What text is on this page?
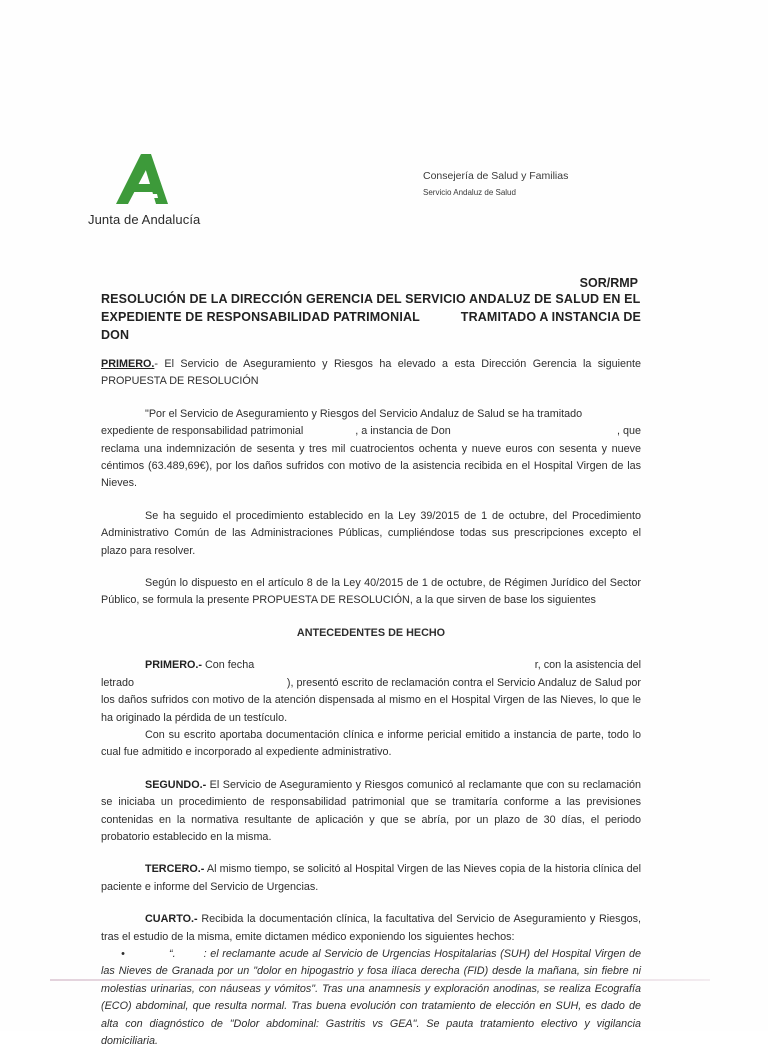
Junta de Andalucía
Consejería de Salud y Familias
Servicio Andaluz de Salud
SOR/RMP
RESOLUCIÓN DE LA DIRECCIÓN GERENCIA DEL SERVICIO ANDALUZ DE SALUD EN EL
EXPEDIENTE DE RESPONSABILIDAD PATRIMONIAL	TRAMITADO A INSTANCIA DE
DON

PRIMERO.- El Servicio de Aseguramiento y Riesgos ha elevado a esta Dirección Gerencia la siguiente PROPUESTA DE RESOLUCIÓN

"Por el Servicio de Aseguramiento y Riesgos del Servicio Andaluz de Salud se ha tramitado

expediente de responsabilidad patrimonial	, a instancia de Don	, que

reclama una indemnización de sesenta y tres mil cuatrocientos ochenta y nueve euros con sesenta y nueve céntimos (63.489,69€), por los daños sufridos con motivo de la asistencia recibida en el Hospital Virgen de las Nieves.

Se ha seguido el procedimiento establecido en la Ley 39/2015 de 1 de octubre, del Procedimiento Administrativo Común de las Administraciones Públicas, cumpliéndose todas sus prescripciones excepto el plazo para resolver.

Según lo dispuesto en el artículo 8 de la Ley 40/2015 de 1 de octubre, de Régimen Jurídico del Sector Público, se formula la presente PROPUESTA DE RESOLUCIÓN, a la que sirven de base los siguientes

ANTECEDENTES DE HECHO

PRIMERO.- Con fecha	r, con la asistencia del

letrado	), presentó escrito de reclamación contra el Servicio Andaluz de Salud por

los daños sufridos con motivo de la atención dispensada al mismo en el Hospital Virgen de las Nieves, lo que le ha originado la pérdida de un testículo.

Con su escrito aportaba documentación clínica e informe pericial emitido a instancia de parte, todo lo cual fue admitido e incorporado al expediente administrativo.

SEGUNDO.- El Servicio de Aseguramiento y Riesgos comunicó al reclamante que con su reclamación se iniciaba un procedimiento de responsabilidad patrimonial que se tramitaría conforme a las previsiones contenidas en la normativa resultante de aplicación y que se abría, por un plazo de 30 días, el periodo probatorio establecido en la misma.

TERCERO.- Al mismo tiempo, se solicitó al Hospital Virgen de las Nieves copia de la historia clínica del paciente e informe del Servicio de Urgencias.

CUARTO.- Recibida la documentación clínica, la facultativa del Servicio de Aseguramiento y Riesgos, tras el estudio de la misma, emite dictamen médico exponiendo los siguientes hechos:

•	“.	: el reclamante acude al Servicio de Urgencias Hospitalarias (SUH) del Hospital Virgen de las Nieves de Granada por un "dolor en hipogastrio y fosa ilíaca derecha (FID) desde la mañana, sin fiebre ni molestias urinarias, con náuseas y vómitos". Tras una anamnesis y exploración anodinas, se realiza Ecografía (ECO) abdominal, que resulta normal. Tras buena evolución con tratamiento de elección en SUH, es dado de alta con diagnóstico de "Dolor abdominal: Gastritis vs GEA". Se pauta tratamiento electivo y vigilancia domiciliaria.
